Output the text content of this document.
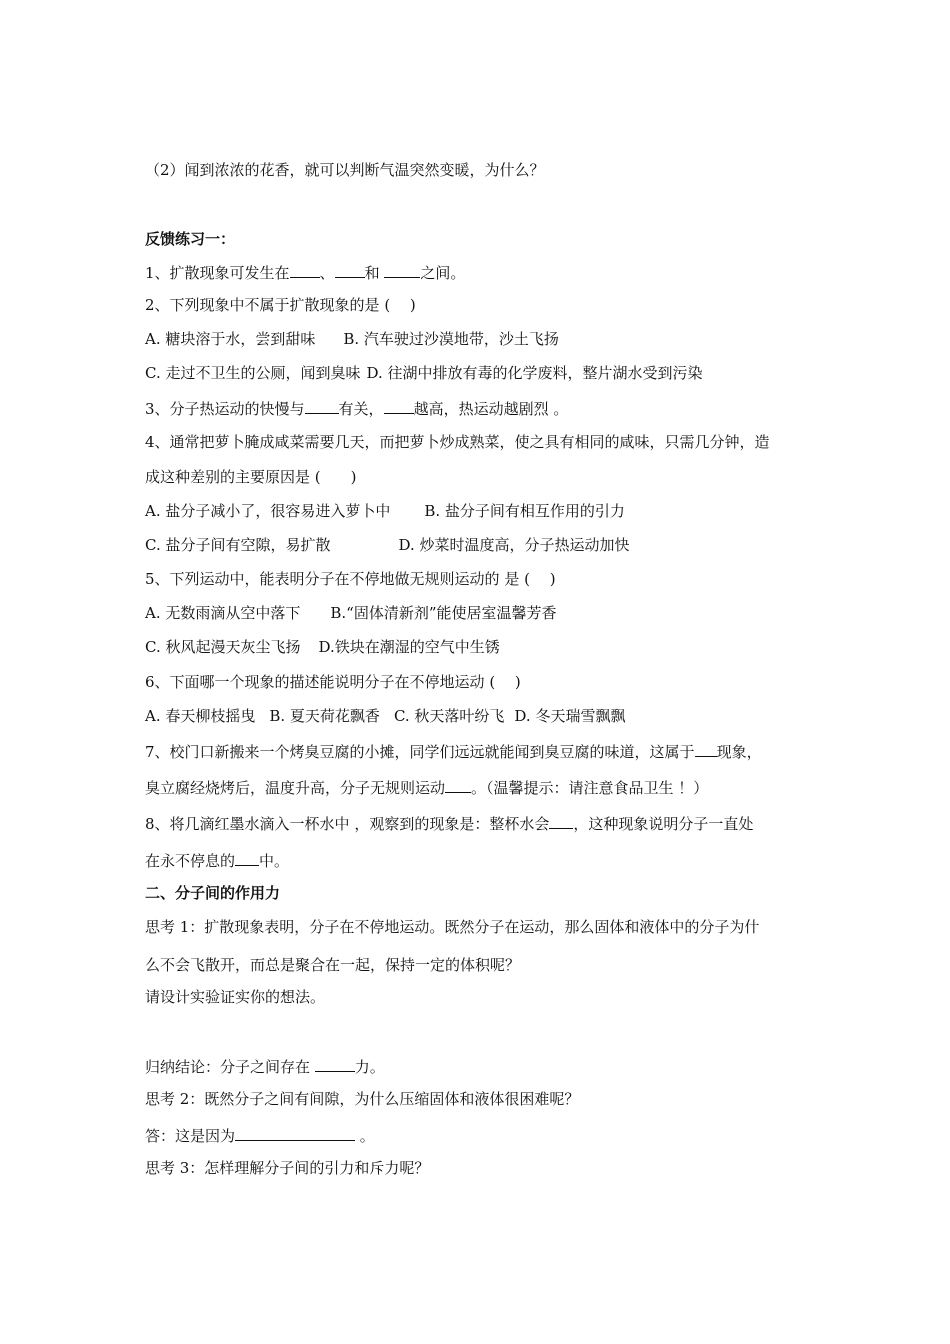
（2）闻到浓浓的花香，就可以判断气温突然变暖，为什么？
反馈练习一：
1、扩散现象可发生在 、 和 之间。
2、下列现象中不属于扩散现象的是 (　 )
A. 糖块溶于水，尝到甜味 B. 汽车驶过沙漠地带，沙土飞扬
C. 走过不卫生的公厕，闻到臭味 D. 往湖中排放有毒的化学废料，整片湖水受到污染
3、分子热运动的快慢与 有关， 越高，热运动越剧烈 。
4、通常把萝卜腌成咸菜需要几天，而把萝卜炒成熟菜，使之具有相同的咸味，只需几分钟，造
成这种差别的主要原因是 (　　)
A. 盐分子减小了，很容易进入萝卜中 B. 盐分子间有相互作用的引力
C. 盐分子间有空隙，易扩散	D. 炒菜时温度高，分子热运动加快
5、下列运动中，能表明分子在不停地做无规则运动的 是 (　 )
A. 无数雨滴从空中落下 B.“固体清新剂”能使居室温馨芳香
C. 秋风起漫天灰尘飞扬 D.铁块在潮湿的空气中生锈
6、下面哪一个现象的描述能说明分子在不停地运动 (　 )
A. 春天柳枝摇曳 B. 夏天荷花飘香 C. 秋天落叶纷飞 D. 冬天瑞雪飘飘
7、校门口新搬来一个烤臭豆腐的小摊，同学们远远就能闻到臭豆腐的味道，这属于 现象，
臭立腐经烧烤后，温度升高，分子无规则运动 。（温馨提示：请注意食品卫生 ！）
8、将几滴红墨水滴入一杯水中 ，观察到的现象是：整杯水会 ，这种现象说明分子一直处
在永不停息的 中。
二、分子间的作用力
思考 1：扩散现象表明，分子在不停地运动。既然分子在运动，那么固体和液体中的分子为什
么不会飞散开，而总是聚合在一起，保持一定的体积呢？
请设计实验证实你的想法。
归纳结论：分子之间存在	力。
思考 2：既然分子之间有间隙，为什么压缩固体和液体很困难呢？
答：这是因为	。
思考 3：怎样理解分子间的引力和斥力呢？
